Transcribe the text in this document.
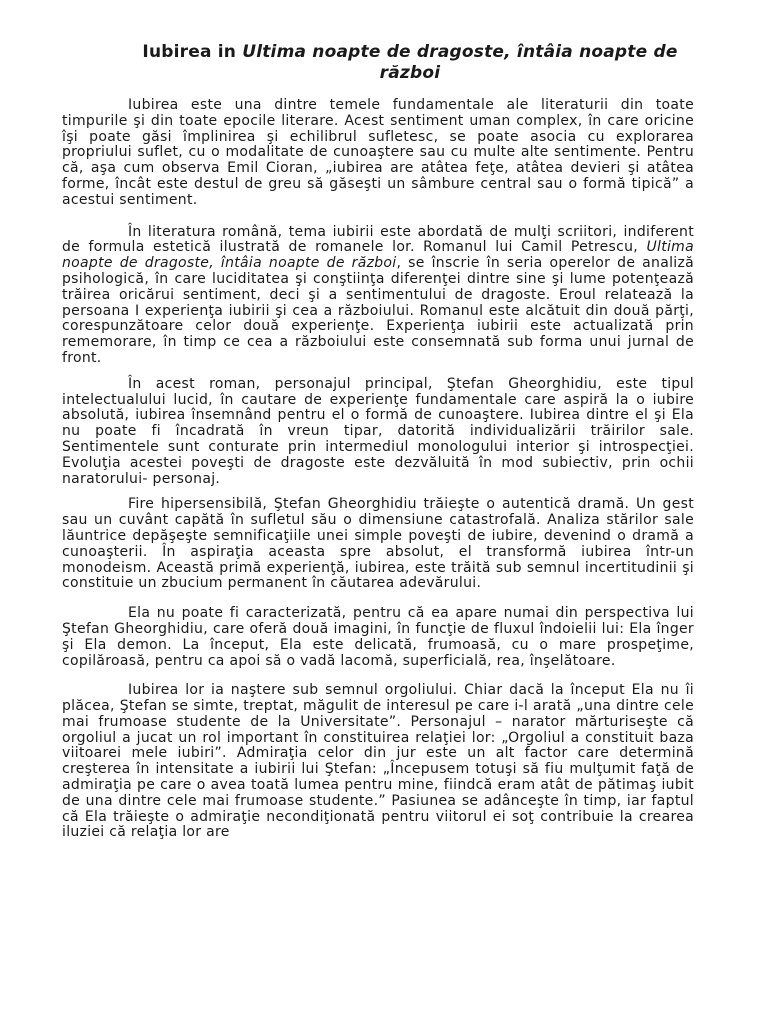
Iubirea in Ultima noapte de dragoste, întâia noapte de război

Iubirea este una dintre temele fundamentale ale literaturii din toate timpurile şi din toate epocile literare. Acest sentiment uman complex, în care oricine îşi poate găsi împlinirea şi echilibrul sufletesc, se poate asocia cu explorarea propriului suflet, cu o modalitate de cunoaştere sau cu multe alte sentimente. Pentru că, aşa cum observa Emil Cioran, „iubirea are atâtea feţe, atâtea devieri şi atâtea forme, încât este destul de greu să găseşti un sâmbure central sau o formă tipică” a acestui sentiment.

În literatura română, tema iubirii este abordată de mulţi scriitori, indiferent de formula estetică ilustrată de romanele lor. Romanul lui Camil Petrescu, Ultima noapte de dragoste, întâia noapte de război, se înscrie în seria operelor de analiză psihologică, în care luciditatea şi conştiinţa diferenţei dintre sine şi lume potenţează trăirea oricărui sentiment, deci şi a sentimentului de dragoste. Eroul relatează la persoana I experienţa iubirii şi cea a războiului. Romanul este alcătuit din două părţi, corespunzătoare celor două experienţe. Experienţa iubirii este actualizată prin rememorare, în timp ce cea a războiului este consemnată sub forma unui jurnal de front.

În acest roman, personajul principal, Ştefan Gheorghidiu, este tipul intelectualului lucid, în cautare de experienţe fundamentale care aspiră la o iubire absolută, iubirea însemnând pentru el o formă de cunoaştere. Iubirea dintre el şi Ela nu poate fi încadrată în vreun tipar, datorită individualizării trăirilor sale. Sentimentele sunt conturate prin intermediul monologului interior şi introspecţiei. Evoluţia acestei poveşti de dragoste este dezvăluită în mod subiectiv, prin ochii naratorului- personaj.

Fire hipersensibilă, Ştefan Gheorghidiu trăieşte o autentică dramă. Un gest sau un cuvânt capătă în sufletul său o dimensiune catastrofală. Analiza stărilor sale lăuntrice depăşeşte semnificaţiile unei simple poveşti de iubire, devenind o dramă a cunoaşterii. În aspiraţia aceasta spre absolut, el transformă iubirea într-un monodeism. Această primă experienţă, iubirea, este trăită sub semnul incertitudinii şi constituie un zbucium permanent în căutarea adevărului.

Ela nu poate fi caracterizată, pentru că ea apare numai din perspectiva lui Ştefan Gheorghidiu, care oferă două imagini, în funcţie de fluxul îndoielii lui: Ela înger şi Ela demon. La început, Ela este delicată, frumoasă, cu o mare prospeţime, copilăroasă, pentru ca apoi să o vadă lacomă, superficială, rea, înşelătoare.

Iubirea lor ia naştere sub semnul orgoliului. Chiar dacă la început Ela nu îi plăcea, Ştefan se simte, treptat, măgulit de interesul pe care i-l arată „una dintre cele mai frumoase studente de la Universitate”. Personajul – narator mărturiseşte că orgoliul a jucat un rol important în constituirea relaţiei lor: „Orgoliul a constituit baza viitoarei mele iubiri”. Admiraţia celor din jur este un alt factor care determină creşterea în intensitate a iubirii lui Ştefan: „Începusem totuşi să fiu mulţumit faţă de admiraţia pe care o avea toată lumea pentru mine, fiindcă eram atât de pătimaş iubit de una dintre cele mai frumoase studente.” Pasiunea se adânceşte în timp, iar faptul că Ela trăieşte o admiraţie necondiţionată pentru viitorul ei soţ contribuie la crearea iluziei că relaţia lor are
